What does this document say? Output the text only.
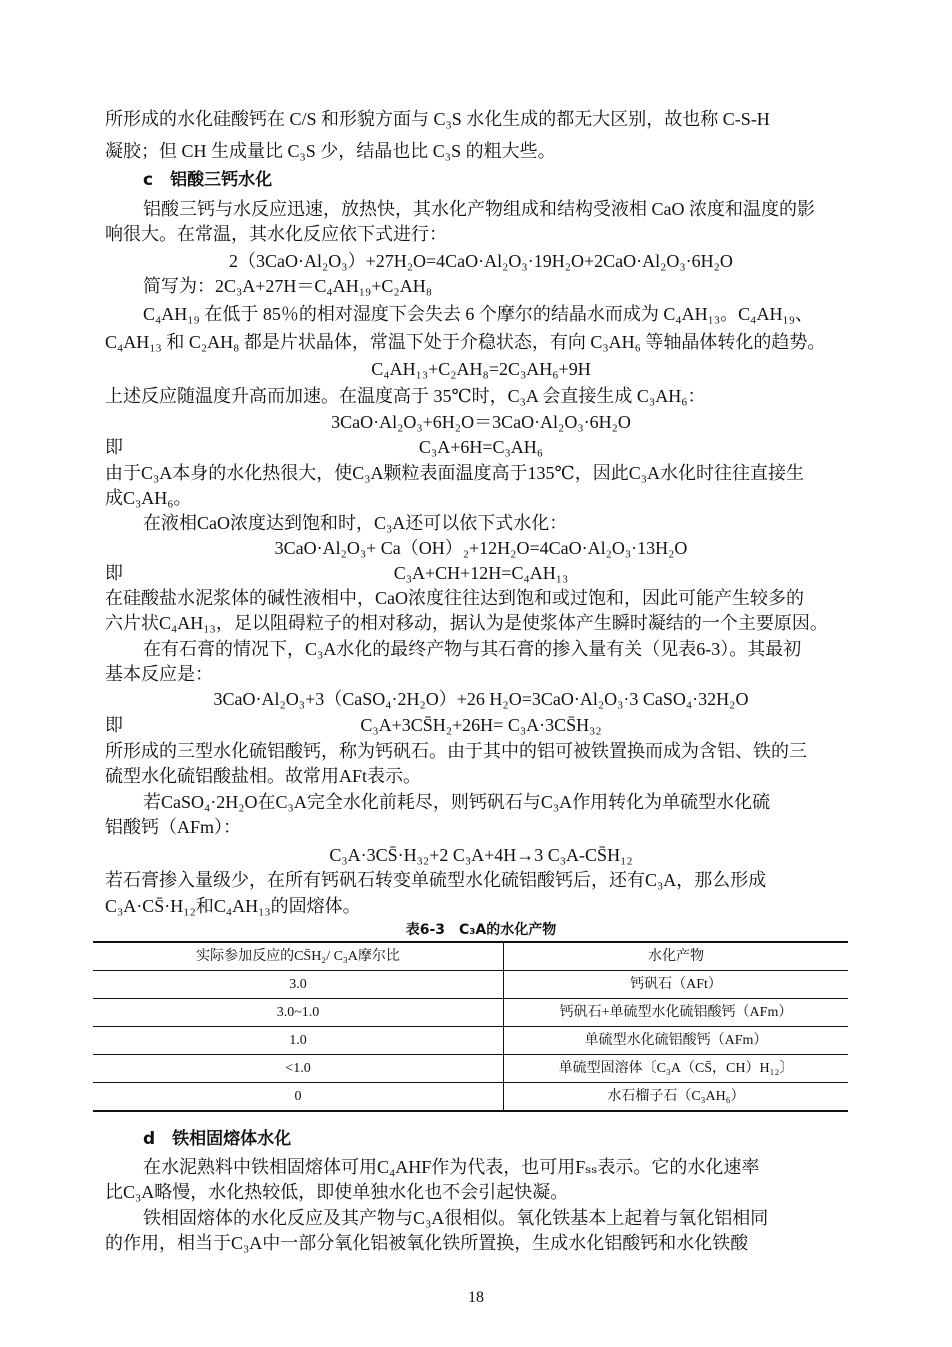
所形成的水化硅酸钙在 C/S 和形貌方面与 C₃S 水化生成的都无大区别，故也称 C-S-H
凝胶；但 CH 生成量比 C₃S 少，结晶也比 C₃S 的粗大些。
c　铝酸三钙水化
铝酸三钙与水反应迅速，放热快，其水化产物组成和结构受液相 CaO 浓度和温度的影
响很大。在常温，其水化反应依下式进行：
2（3CaO·Al₂O₃）+27H₂O=4CaO·Al₂O₃·19H₂O+2CaO·Al₂O₃·6H₂O
简写为：2C₃A+27H＝C₄AH₁₉+C₂AH₈
C₄AH₁₉ 在低于 85％的相对湿度下会失去 6 个摩尔的结晶水而成为 C₄AH₁₃。C₄AH₁₉、
C₄AH₁₃ 和 C₂AH₈ 都是片状晶体，常温下处于介稳状态，有向 C₃AH₆ 等轴晶体转化的趋势。
C₄AH₁₃+C₂AH₈=2C₃AH₆+9H
上述反应随温度升高而加速。在温度高于 35℃时，C₃A 会直接生成 C₃AH₆：
3CaO·Al₂O₃+6H₂O＝3CaO·Al₂O₃·6H₂O
即	C₃A+6H=C₃AH₆
由于C₃A本身的水化热很大，使C₃A颗粒表面温度高于135℃，因此C₃A水化时往往直接生
成C₃AH₆。
在液相CaO浓度达到饱和时，C₃A还可以依下式水化：
3CaO·Al₂O₃+ Ca（OH）₂+12H₂O=4CaO·Al₂O₃·13H₂O
即	C₃A+CH+12H=C₄AH₁₃
在硅酸盐水泥浆体的碱性液相中，CaO浓度往往达到饱和或过饱和，因此可能产生较多的
六片状C₄AH₁₃，足以阻碍粒子的相对移动，据认为是使浆体产生瞬时凝结的一个主要原因。
在有石膏的情况下，C₃A水化的最终产物与其石膏的掺入量有关（见表6-3）。其最初
基本反应是：
3CaO·Al₂O₃+3（CaSO₄·2H₂O）+26 H₂O=3CaO·Al₂O₃·3 CaSO₄·32H₂O
即	C₃A+3CS̄H₂+26H= C₃A·3CS̄H₃₂
所形成的三型水化硫铝酸钙，称为钙矾石。由于其中的铝可被铁置换而成为含铝、铁的三
硫型水化硫铝酸盐相。故常用AFt表示。
若CaSO₄·2H₂O在C₃A完全水化前耗尽，则钙矾石与C₃A作用转化为单硫型水化硫
铝酸钙（AFm）：
C₃A·3CS̄·H₃₂+2 C₃A+4H→3 C₃A-CS̄H₁₂
若石膏掺入量级少，在所有钙矾石转变单硫型水化硫铝酸钙后，还有C₃A，那么形成
C₃A·CS̄·H₁₂和C₄AH₁₃的固熔体。
表6-3　C₃A的水化产物
实际参加反应的CS̄H₂/ C₃A摩尔比	水化产物
3.0	钙矾石（AFt）
3.0~1.0	钙矾石+单硫型水化硫铝酸钙（AFm）
1.0	单硫型水化硫铝酸钙（AFm）
<1.0	单硫型固溶体〔C₃A（CS̄，CH）H₁₂〕
0	水石榴子石（C₃AH₆）
d　铁相固熔体水化
在水泥熟料中铁相固熔体可用C₄AHF作为代表，也可用Fₛₛ表示。它的水化速率
比C₃A略慢，水化热较低，即使单独水化也不会引起快凝。
铁相固熔体的水化反应及其产物与C₃A很相似。氧化铁基本上起着与氧化铝相同
的作用，相当于C₃A中一部分氧化铝被氧化铁所置换，生成水化铝酸钙和水化铁酸
18
